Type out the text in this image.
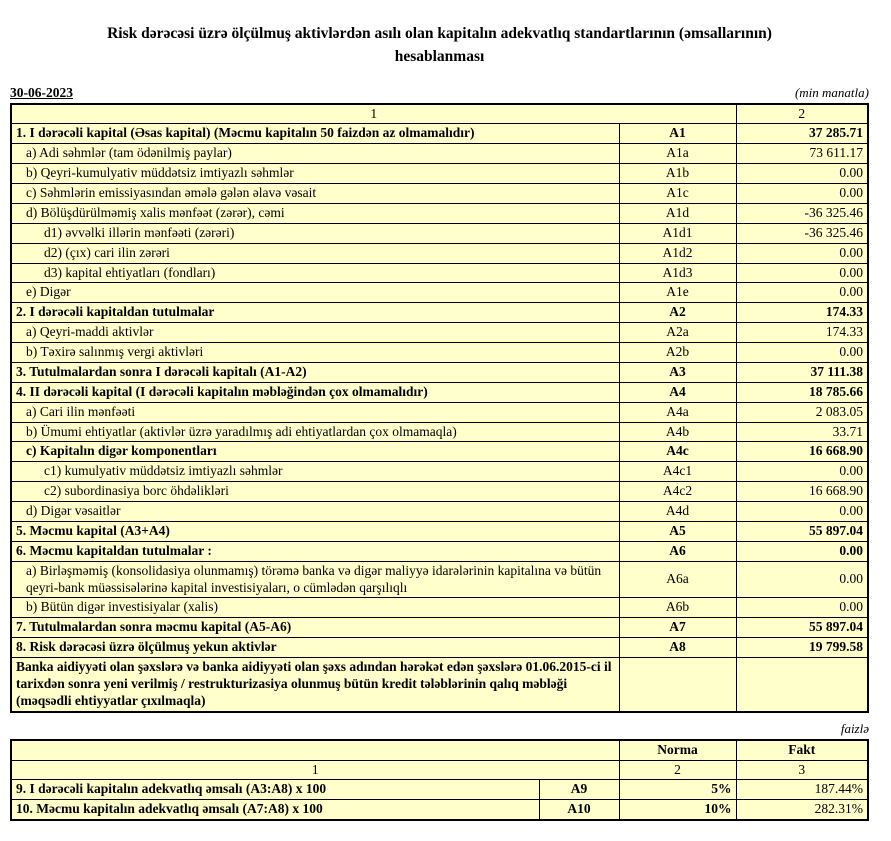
Risk dərəcəsi üzrə ölçülmuş aktivlərdən asılı olan kapitalın adekvatlıq standartlarının (əmsallarının)
hesablanması
30-06-2023	(min manatla)
1		2
1. I dərəcəli kapital (Əsas kapital) (Məcmu kapitalın 50 faizdən az olmamalıdır)	A1	37 285.71
a) Adi səhmlər (tam ödənilmiş paylar)	A1a	73 611.17
b) Qeyri-kumulyativ müddətsiz imtiyazlı səhmlər	A1b	0.00
c) Səhmlərin emissiyasından əmələ gələn əlavə vəsait	A1c	0.00
d) Bölüşdürülməmiş xalis mənfəət (zərər), cəmi	A1d	-36 325.46
d1) əvvəlki illərin mənfəəti (zərəri)	A1d1	-36 325.46
d2) (çıx) cari ilin zərəri	A1d2	0.00
d3) kapital ehtiyatları (fondları)	A1d3	0.00
e) Digər	A1e	0.00
2. I dərəcəli kapitaldan tutulmalar	A2	174.33
a) Qeyri-maddi aktivlər	A2a	174.33
b) Təxirə salınmış vergi aktivləri	A2b	0.00
3. Tutulmalardan sonra I dərəcəli kapitalı (A1-A2)	A3	37 111.38
4. II dərəcəli kapital (I dərəcəli kapitalın məbləğindən çox olmamalıdır)	A4	18 785.66
a) Cari ilin mənfəəti	A4a	2 083.05
b) Ümumi ehtiyatlar (aktivlər üzrə yaradılmış adi ehtiyatlardan çox olmamaqla)	A4b	33.71
c) Kapitalın digər komponentları	A4c	16 668.90
c1) kumulyativ müddətsiz imtiyazlı səhmlər	A4c1	0.00
c2) subordinasiya borc öhdəlikləri	A4c2	16 668.90
d) Digər vəsaitlər	A4d	0.00
5. Məcmu kapital (A3+A4)	A5	55 897.04
6. Məcmu kapitaldan tutulmalar :	A6	0.00
a) Birləşməmiş (konsolidasiya olunmamış) törəmə banka və digər maliyyə idarələrinin kapitalına və bütün qeyri-bank müəssisələrinə kapital investisiyaları, o cümlədən qarşılıqlı	A6a	0.00
b) Bütün digər investisiyalar (xalis)	A6b	0.00
7. Tutulmalardan sonra məcmu kapital (A5-A6)	A7	55 897.04
8. Risk dərəcəsi üzrə ölçülmuş yekun aktivlər	A8	19 799.58
Banka aidiyyəti olan şəxslərə və banka aidiyyəti olan şəxs adından hərəkət edən şəxslərə 01.06.2015-ci il tarixdən sonra yeni verilmiş / restrukturizasiya olunmuş bütün kredit tələblərinin qalıq məbləği (məqsədli ehtiyyatlar çıxılmaqla)		
faizlə
		Norma	Fakt
1		2	3
9. I dərəcəli kapitalın adekvatlıq əmsalı (A3:A8) x 100	A9	5%	187.44%
10. Məcmu kapitalın adekvatlıq əmsalı (A7:A8) x 100	A10	10%	282.31%
